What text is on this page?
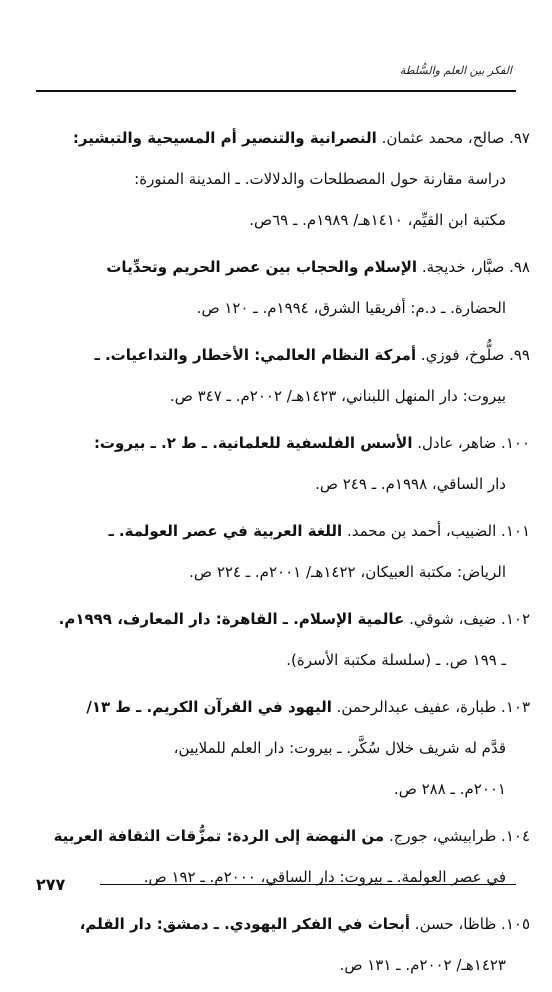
الفكر بين العلم والسُّلطة
٩٧. صالح، محمد عثمان. النصرانية والتنصير أم المسيحية والتبشير:
دراسة مقارنة حول المصطلحات والدلالات. ـ المدينة المنورة:
مكتبة ابن القيِّم، ١٤١٠هـ/ ١٩٨٩م. ـ ٦٩ص.
٩٨. صبَّار، خديجة. الإسلام والحجاب بين عصر الحريم وتحدِّيات
الحضارة. ـ د.م: أفريقيا الشرق، ١٩٩٤م. ـ ١٢٠ ص.
٩٩. صلُّوخ، فوزي. أمركة النظام العالمي: الأخطار والتداعيات. ـ
بيروت: دار المنهل اللبناني، ١٤٢٣هـ/ ٢٠٠٢م. ـ ٣٤٧ ص.
١٠٠. ضاهر، عادل. الأسس الفلسفية للعلمانية. ـ ط ٢. ـ بيروت:
دار الساقي، ١٩٩٨م. ـ ٢٤٩ ص.
١٠١. الضبيب، أحمد بن محمد. اللغة العربية في عصر العولمة. ـ
الرياض: مكتبة العبيكان، ١٤٢٢هـ/ ٢٠٠١م. ـ ٢٢٤ ص.
١٠٢. ضيف، شوقي. عالمية الإسلام. ـ القاهرة: دار المعارف، ١٩٩٩م.
ـ ١٩٩ ص. ـ (سلسلة مكتبة الأسرة).
١٠٣. طبارة، عفيف عبدالرحمن. اليهود في القرآن الكريم. ـ ط ١٣/
قدَّم له شريف خلال سُكَّر. ـ بيروت: دار العلم للملايين،
٢٠٠١م. ـ ٢٨٨ ص.
١٠٤. طرابيشي، جورج. من النهضة إلى الردة: تمزُّقات الثقافة العربية
في عصر العولمة. ـ بيروت: دار الساقي، ٢٠٠٠م. ـ ١٩٢ ص.
١٠٥. ظاظا، حسن. أبحاث في الفكر اليهودي. ـ دمشق: دار القلم،
١٤٢٣هـ/ ٢٠٠٢م. ـ ١٣١ ص.
٢٧٧
